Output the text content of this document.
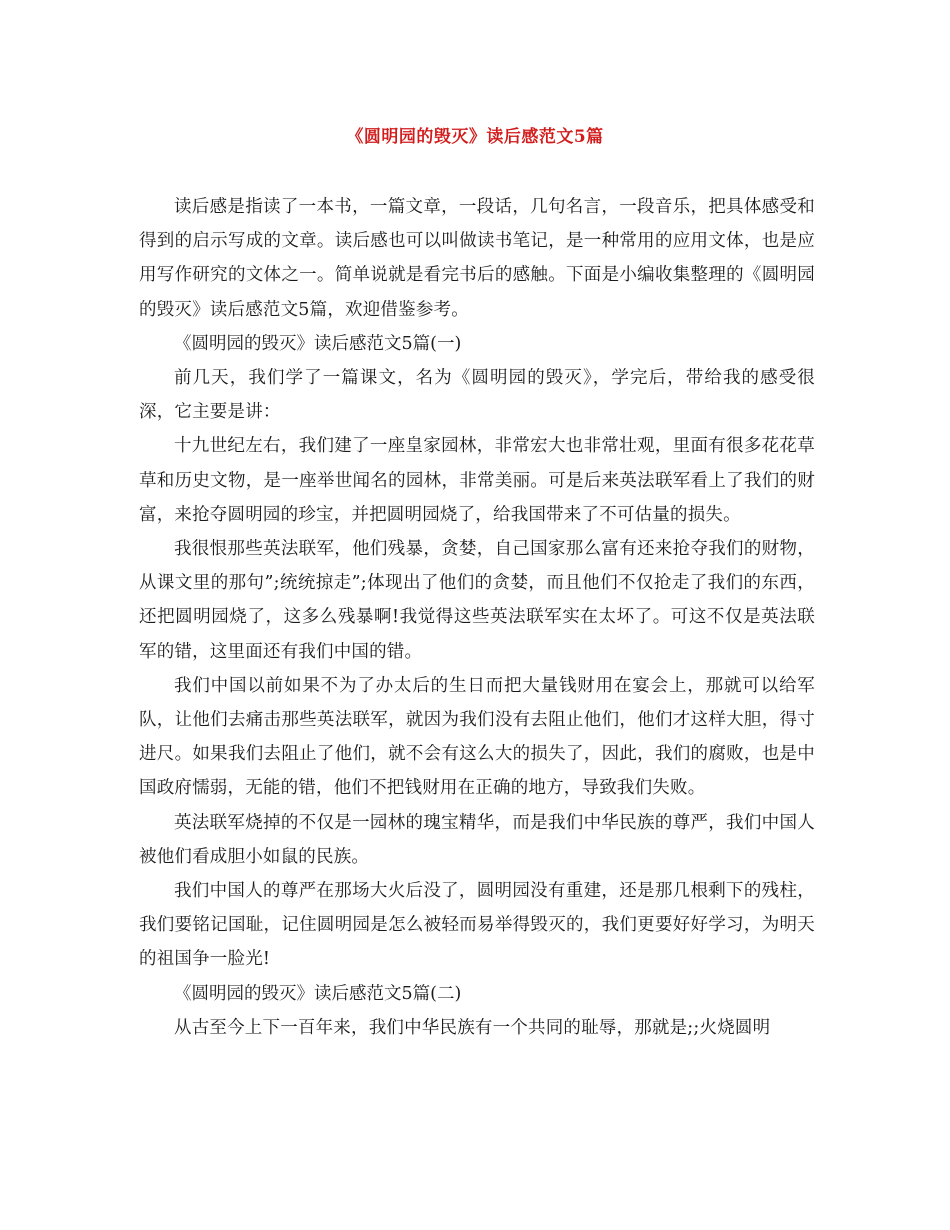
《圆明园的毁灭》读后感范文5篇

读后感是指读了一本书，一篇文章，一段话，几句名言，一段音乐，把具体感受和得到的启示写成的文章。读后感也可以叫做读书笔记，是一种常用的应用文体，也是应用写作研究的文体之一。简单说就是看完书后的感触。下面是小编收集整理的《圆明园的毁灭》读后感范文5篇，欢迎借鉴参考。

《圆明园的毁灭》读后感范文5篇(一)

前几天，我们学了一篇课文，名为《圆明园的毁灭》，学完后，带给我的感受很深，它主要是讲：

十九世纪左右，我们建了一座皇家园林，非常宏大也非常壮观，里面有很多花花草草和历史文物，是一座举世闻名的园林，非常美丽。可是后来英法联军看上了我们的财富，来抢夺圆明园的珍宝，并把圆明园烧了，给我国带来了不可估量的损失。

我很恨那些英法联军，他们残暴，贪婪，自己国家那么富有还来抢夺我们的财物，从课文里的那句”;统统掠走”;体现出了他们的贪婪，而且他们不仅抢走了我们的东西，还把圆明园烧了，这多么残暴啊!我觉得这些英法联军实在太坏了。可这不仅是英法联军的错，这里面还有我们中国的错。

我们中国以前如果不为了办太后的生日而把大量钱财用在宴会上，那就可以给军队，让他们去痛击那些英法联军，就因为我们没有去阻止他们，他们才这样大胆，得寸进尺。如果我们去阻止了他们，就不会有这么大的损失了，因此，我们的腐败，也是中国政府懦弱，无能的错，他们不把钱财用在正确的地方，导致我们失败。

英法联军烧掉的不仅是一园林的瑰宝精华，而是我们中华民族的尊严，我们中国人被他们看成胆小如鼠的民族。

我们中国人的尊严在那场大火后没了，圆明园没有重建，还是那几根剩下的残柱，我们要铭记国耻，记住圆明园是怎么被轻而易举得毁灭的，我们更要好好学习，为明天的祖国争一脸光!

《圆明园的毁灭》读后感范文5篇(二)

从古至今上下一百年来，我们中华民族有一个共同的耻辱，那就是;;火烧圆明
